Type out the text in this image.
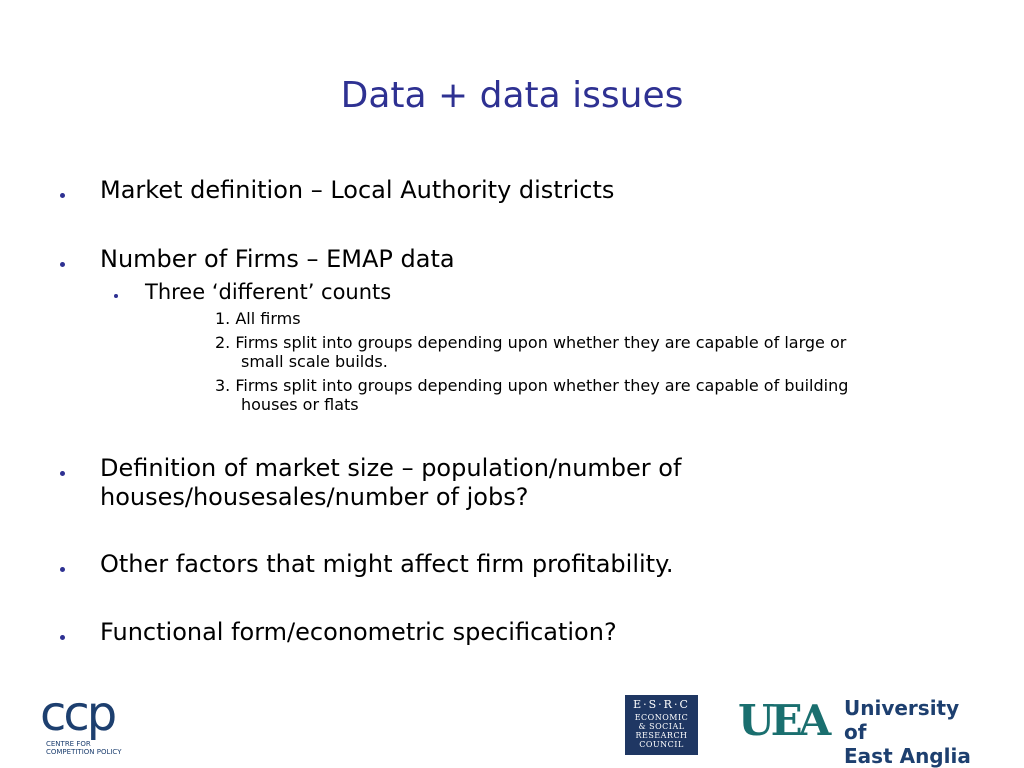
Data + data issues
Market definition – Local Authority districts
Number of Firms – EMAP data
Three ‘different’ counts
1. All firms
2. Firms split into groups depending upon whether they are capable of large or
small scale builds.
3. Firms split into groups depending upon whether they are capable of building
houses or flats
Definition of market size – population/number of
houses/housesales/number of jobs?
Other factors that might affect firm profitability.
Functional form/econometric specification?
ccp
CENTRE FOR
COMPETITION POLICY
E·S·R·C
ECONOMIC
& SOCIAL
RESEARCH
COUNCIL	UEA University of
East Anglia
